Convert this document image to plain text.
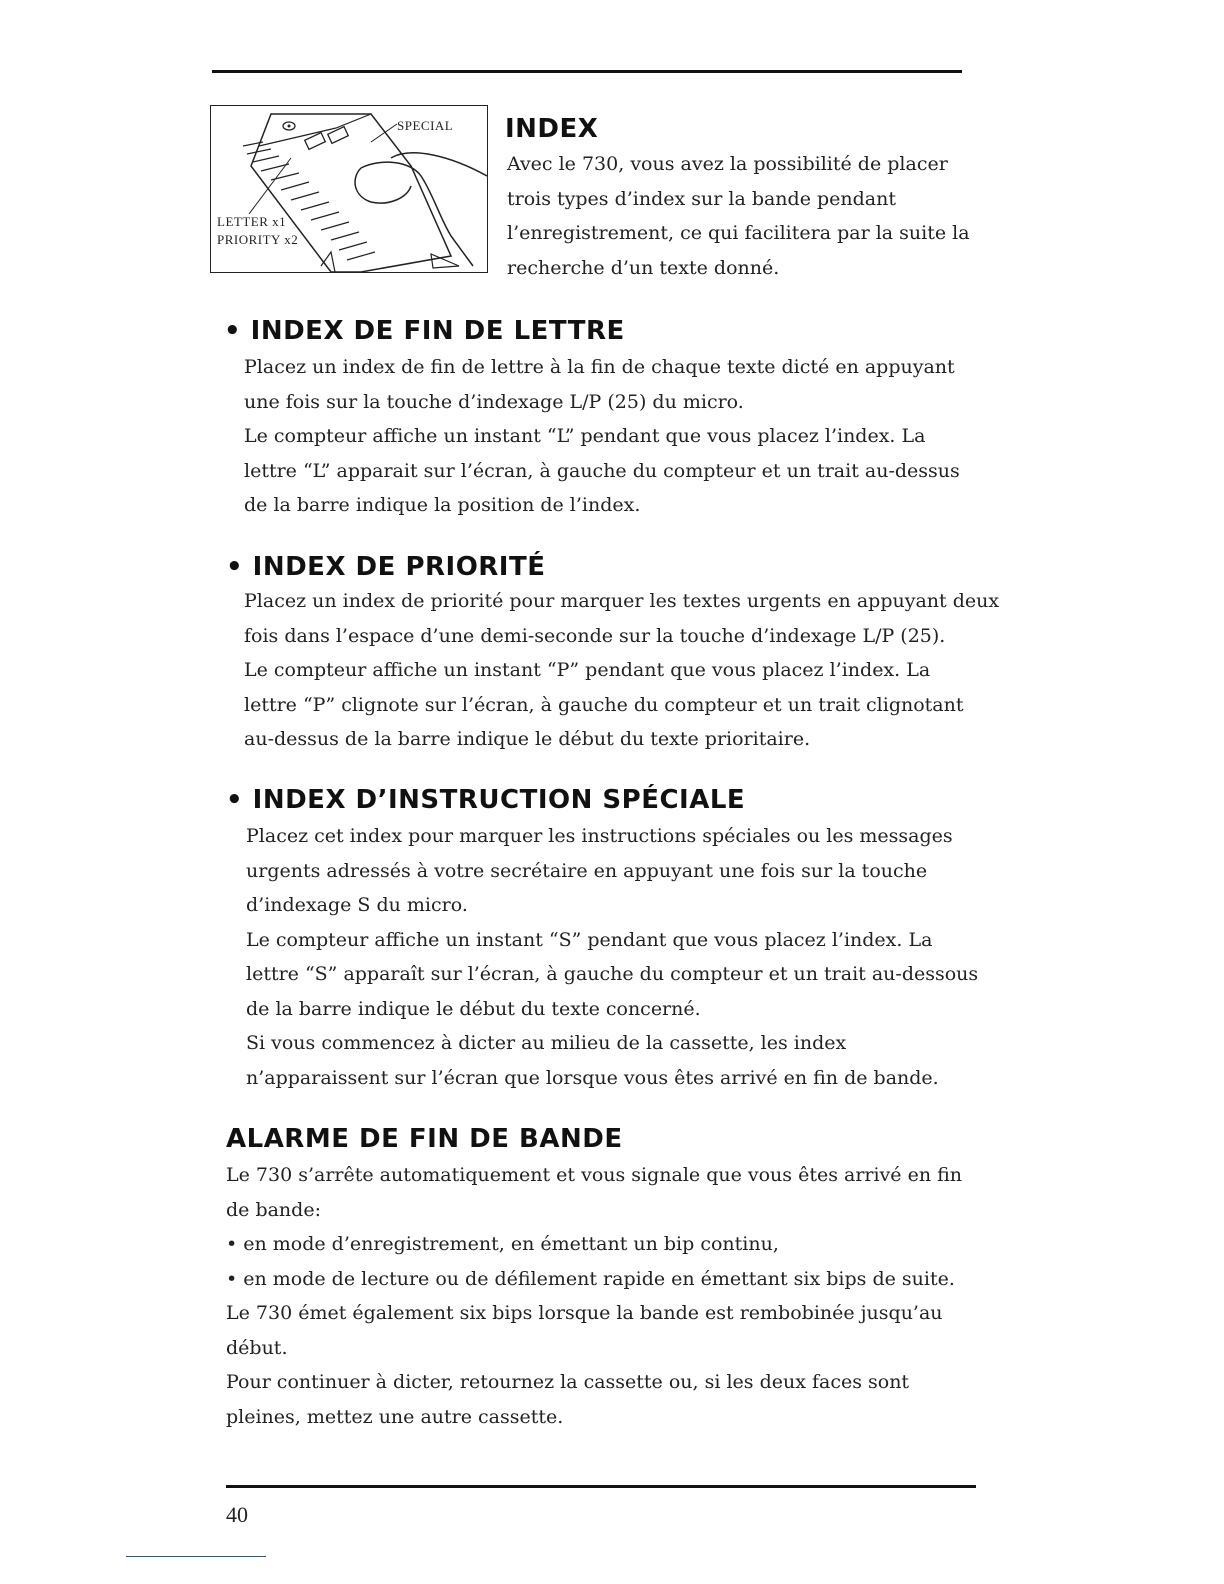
SPECIAL
LETTER x1
PRIORITY x2
INDEX
Avec le 730, vous avez la possibilité de placer
trois types d’index sur la bande pendant
l’enregistrement, ce qui facilitera par la suite la
recherche d’un texte donné.
• INDEX DE FIN DE LETTRE
Placez un index de fin de lettre à la fin de chaque texte dicté en appuyant
une fois sur la touche d’indexage L/P (25) du micro.
Le compteur affiche un instant “L” pendant que vous placez l’index. La
lettre “L” apparait sur l’écran, à gauche du compteur et un trait au-dessus
de la barre indique la position de l’index.
• INDEX DE PRIORITÉ
Placez un index de priorité pour marquer les textes urgents en appuyant deux
fois dans l’espace d’une demi-seconde sur la touche d’indexage L/P (25).
Le compteur affiche un instant “P” pendant que vous placez l’index. La
lettre “P” clignote sur l’écran, à gauche du compteur et un trait clignotant
au-dessus de la barre indique le début du texte prioritaire.
• INDEX D’INSTRUCTION SPÉCIALE
Placez cet index pour marquer les instructions spéciales ou les messages
urgents adressés à votre secrétaire en appuyant une fois sur la touche
d’indexage S du micro.
Le compteur affiche un instant “S” pendant que vous placez l’index. La
lettre “S” apparaît sur l’écran, à gauche du compteur et un trait au-dessous
de la barre indique le début du texte concerné.
Si vous commencez à dicter au milieu de la cassette, les index
n’apparaissent sur l’écran que lorsque vous êtes arrivé en fin de bande.
ALARME DE FIN DE BANDE
Le 730 s’arrête automatiquement et vous signale que vous êtes arrivé en fin
de bande:
• en mode d’enregistrement, en émettant un bip continu,
• en mode de lecture ou de défilement rapide en émettant six bips de suite.
Le 730 émet également six bips lorsque la bande est rembobinée jusqu’au
début.
Pour continuer à dicter, retournez la cassette ou, si les deux faces sont
pleines, mettez une autre cassette.
40
